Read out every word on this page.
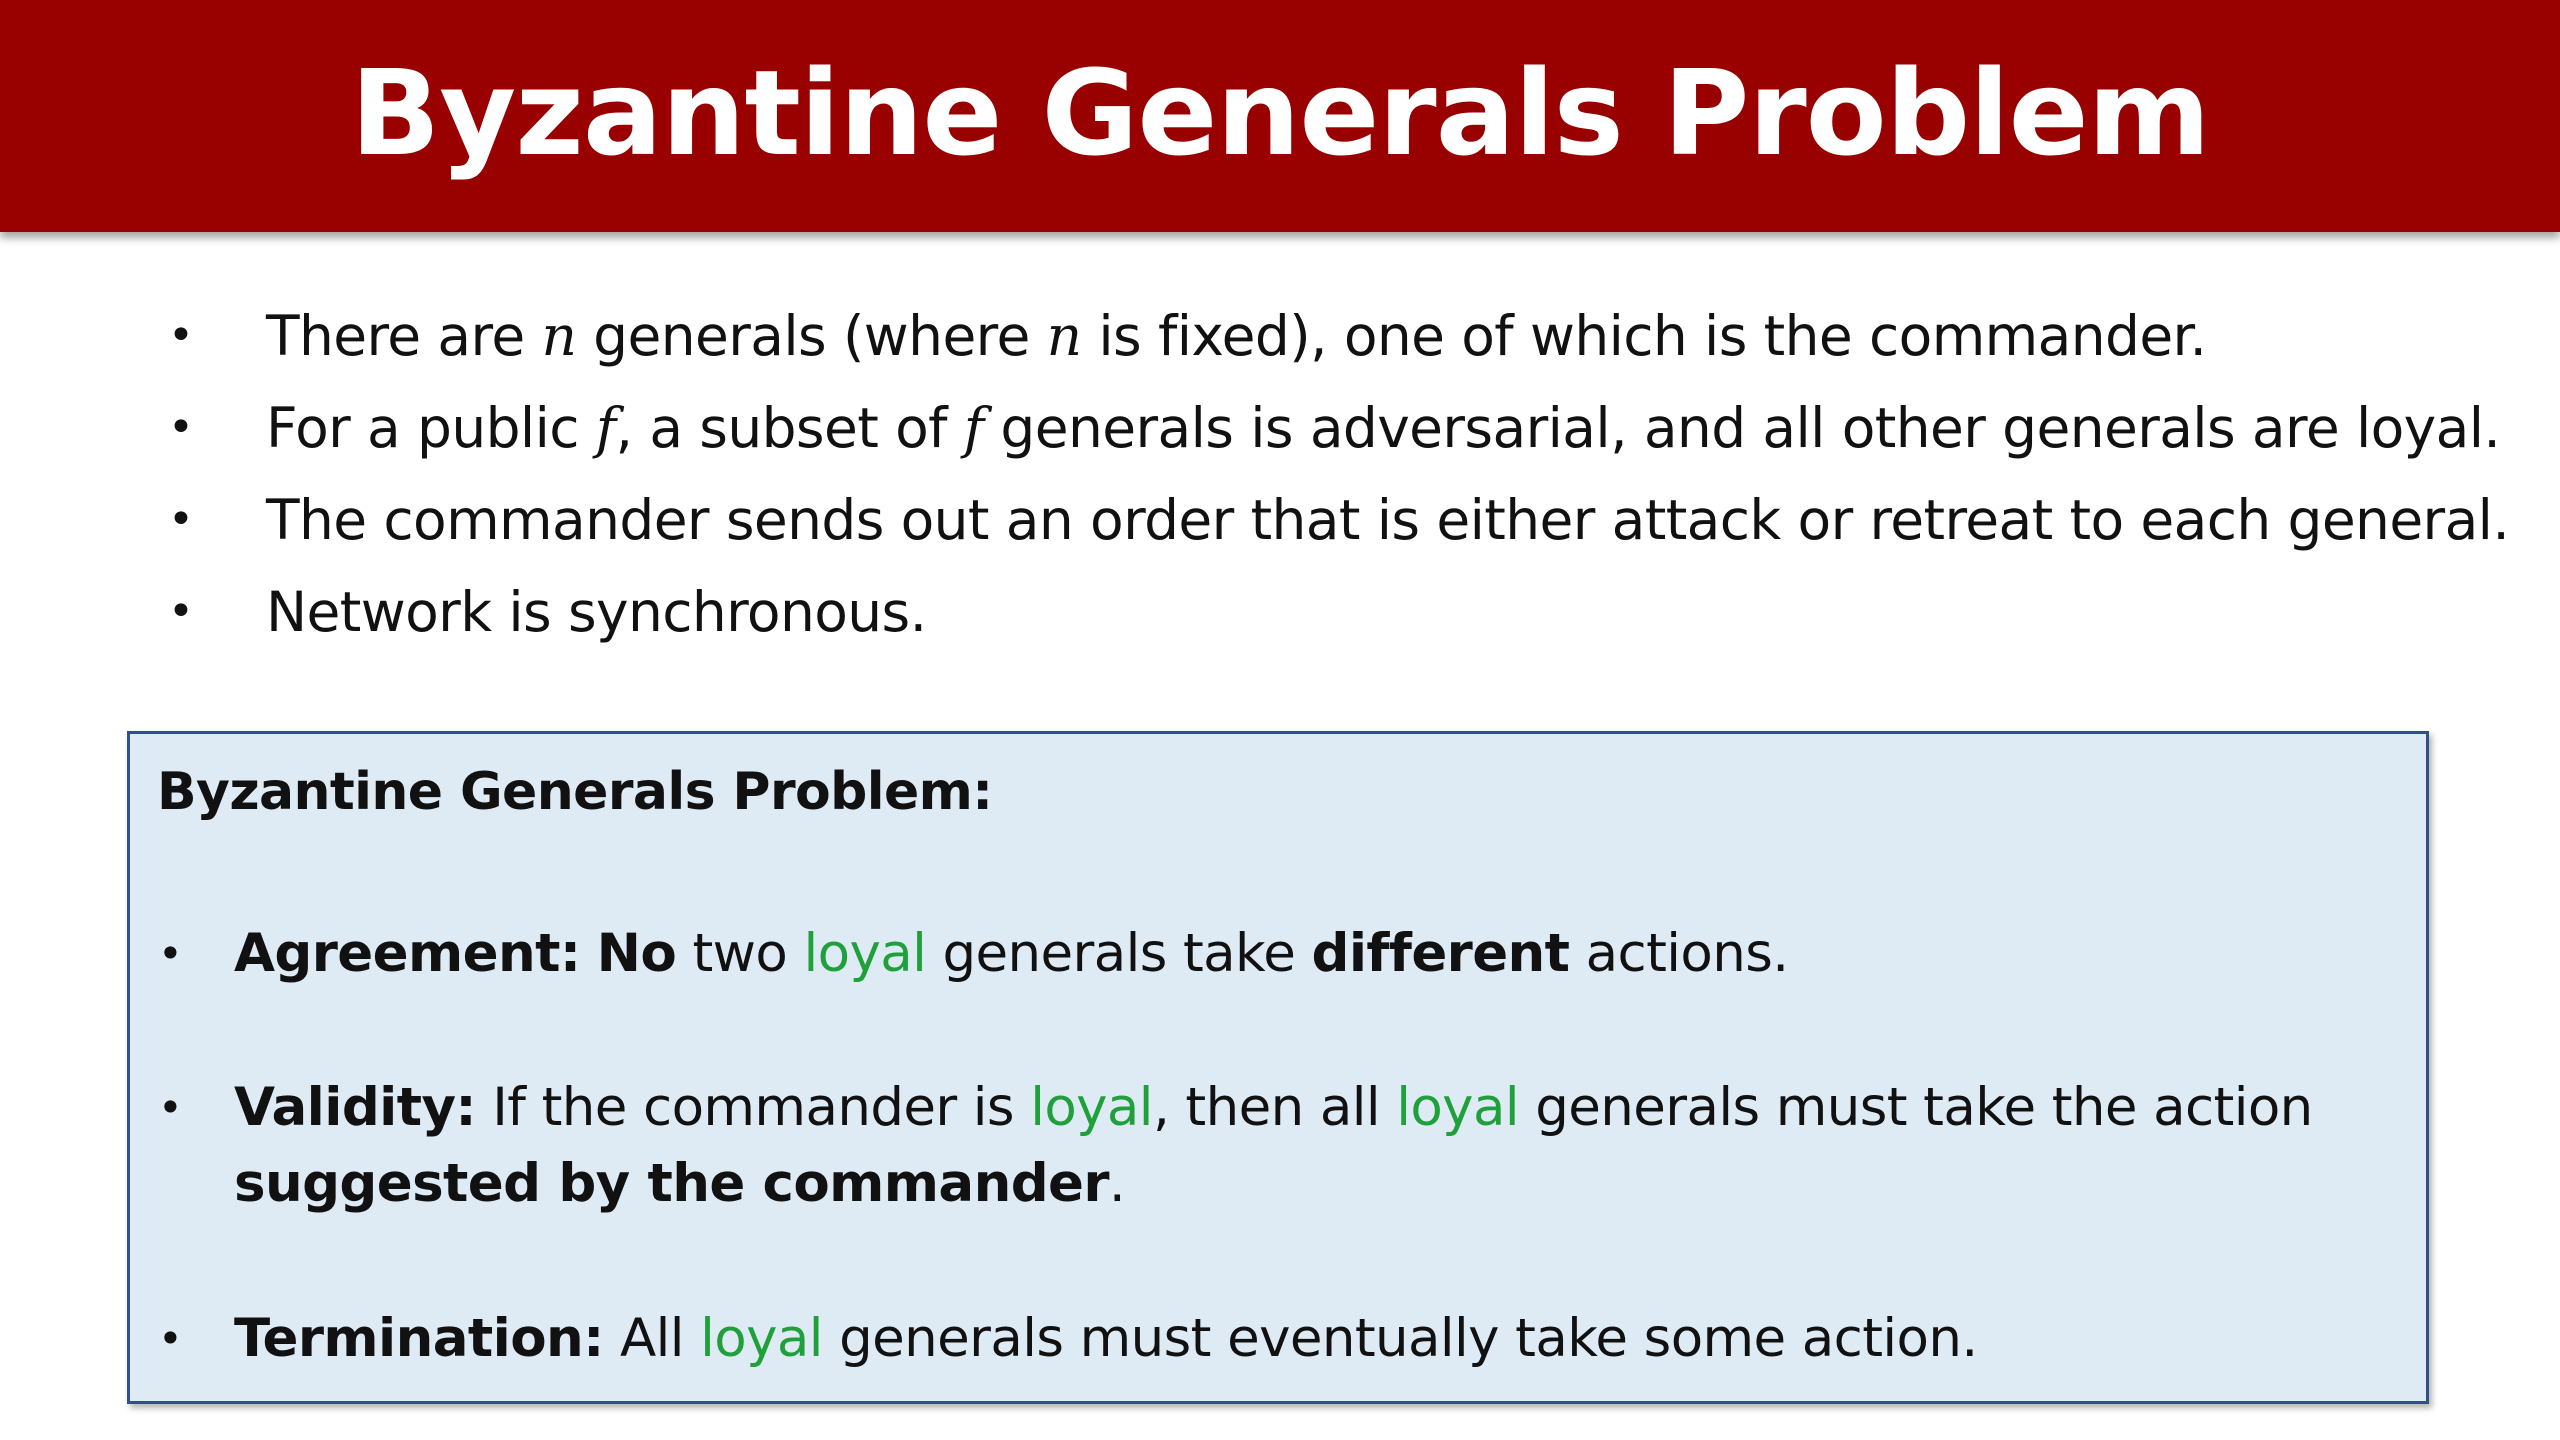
Byzantine Generals Problem
• There are n generals (where n is fixed), one of which is the commander.
• For a public f, a subset of f generals is adversarial, and all other generals are loyal.
• The commander sends out an order that is either attack or retreat to each general.
• Network is synchronous.
Byzantine Generals Problem:
• Agreement: No two loyal generals take different actions.
• Validity: If the commander is loyal, then all loyal generals must take the action suggested by the commander.
• Termination: All loyal generals must eventually take some action.
